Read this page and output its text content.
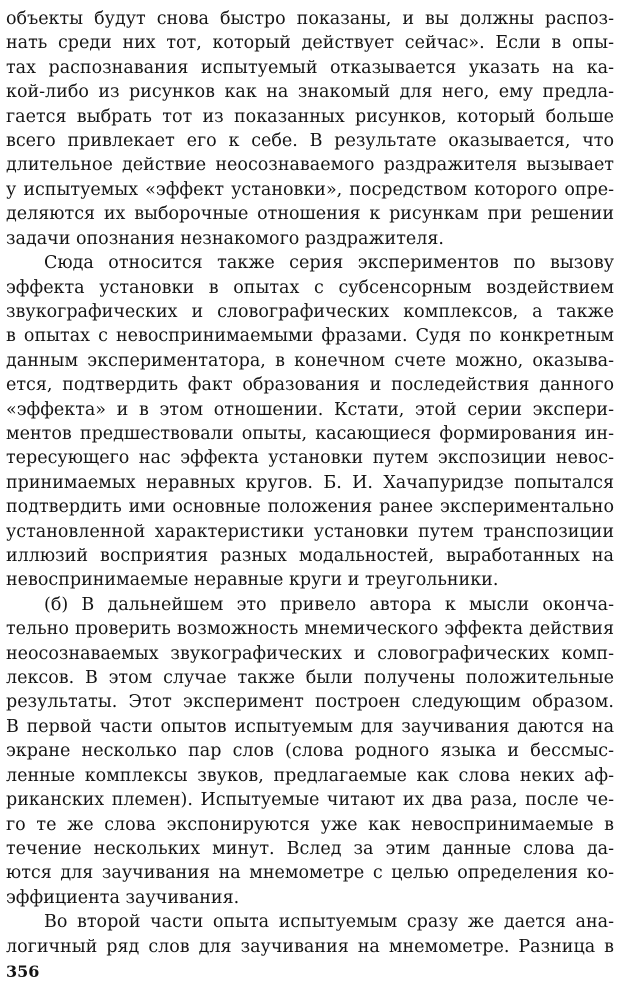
объекты будут снова быстро показаны, и вы должны распоз-
нать среди них тот, который действует сейчас». Если в опы-
тах распознавания испытуемый отказывается указать на ка-
кой-либо из рисунков как на знакомый для него, ему предла-
гается выбрать тот из показанных рисунков, который больше
всего привлекает его к себе. В результате оказывается, что
длительное действие неосознаваемого раздражителя вызывает
у испытуемых «эффект установки», посредством которого опре-
деляются их выборочные отношения к рисункам при решении
задачи опознания незнакомого раздражителя.
Сюда относится также серия экспериментов по вызову
эффекта установки в опытах с субсенсорным воздействием
звукографических и словографических комплексов, а также
в опытах с невоспринимаемыми фразами. Судя по конкретным
данным экспериментатора, в конечном счете можно, оказыва-
ется, подтвердить факт образования и последействия данного
«эффекта» и в этом отношении. Кстати, этой серии экспери-
ментов предшествовали опыты, касающиеся формирования ин-
тересующего нас эффекта установки путем экспозиции невос-
принимаемых неравных кругов. Б. И. Хачапуридзе попытался
подтвердить ими основные положения ранее экспериментально
установленной характеристики установки путем транспозиции
иллюзий восприятия разных модальностей, выработанных на
невоспринимаемые неравные круги и треугольники.
(б) В дальнейшем это привело автора к мысли оконча-
тельно проверить возможность мнемического эффекта действия
неосознаваемых звукографических и словографических комп-
лексов. В этом случае также были получены положительные
результаты. Этот эксперимент построен следующим образом.
В первой части опытов испытуемым для заучивания даются на
экране несколько пар слов (слова родного языка и бессмыс-
ленные комплексы звуков, предлагаемые как слова неких аф-
риканских племен). Испытуемые читают их два раза, после че-
го те же слова экспонируются уже как невоспринимаемые в
течение нескольких минут. Вслед за этим данные слова да-
ются для заучивания на мнемометре с целью определения ко-
эффициента заучивания.
Во второй части опыта испытуемым сразу же дается ана-
логичный ряд слов для заучивания на мнемометре. Разница в
356
